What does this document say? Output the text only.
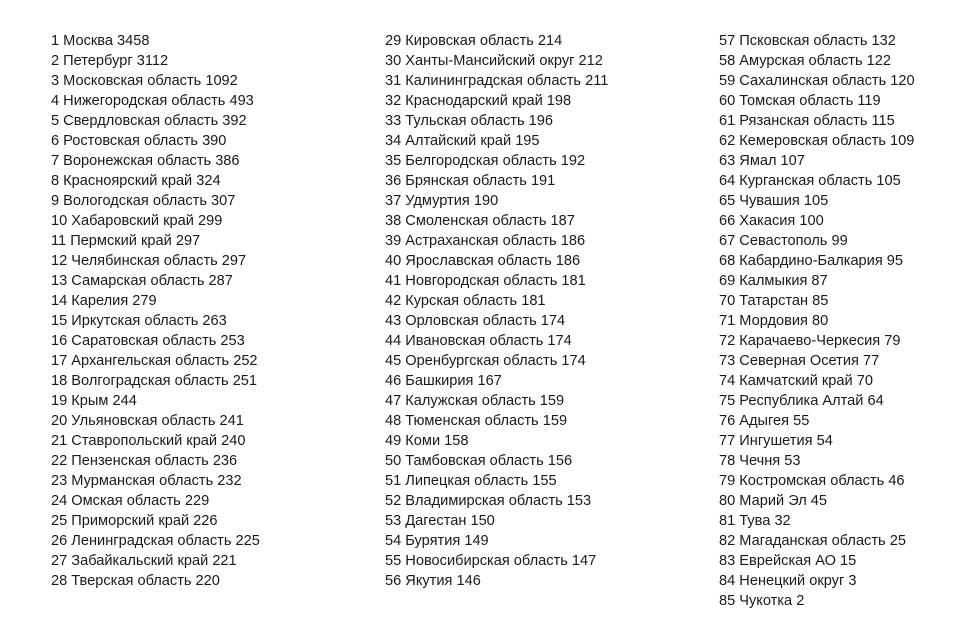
1 Москва 3458
2 Петербург 3112
3 Московская область 1092
4 Нижегородская область 493
5 Свердловская область 392
6 Ростовская область 390
7 Воронежская область 386
8 Красноярский край 324
9 Вологодская область 307
10 Хабаровский край 299
11 Пермский край 297
12 Челябинская область 297
13 Самарская область 287
14 Карелия 279
15 Иркутская область 263
16 Саратовская область 253
17 Архангельская область 252
18 Волгоградская область 251
19 Крым 244
20 Ульяновская область 241
21 Ставропольский край 240
22 Пензенская область 236
23 Мурманская область 232
24 Омская область 229
25 Приморский край 226
26 Ленинградская область 225
27 Забайкальский край 221
28 Тверская область 220
29 Кировская область 214
30 Ханты-Мансийский округ 212
31 Калининградская область 211
32 Краснодарский край 198
33 Тульская область 196
34 Алтайский край 195
35 Белгородская область 192
36 Брянская область 191
37 Удмуртия 190
38 Смоленская область 187
39 Астраханская область 186
40 Ярославская область 186
41 Новгородская область 181
42 Курская область 181
43 Орловская область 174
44 Ивановская область 174
45 Оренбургская область 174
46 Башкирия 167
47 Калужская область 159
48 Тюменская область 159
49 Коми 158
50 Тамбовская область 156
51 Липецкая область 155
52 Владимирская область 153
53 Дагестан 150
54 Бурятия 149
55 Новосибирская область 147
56 Якутия 146
57 Псковская область 132
58 Амурская область 122
59 Сахалинская область 120
60 Томская область 119
61 Рязанская область 115
62 Кемеровская область 109
63 Ямал 107
64 Курганская область 105
65 Чувашия 105
66 Хакасия 100
67 Севастополь 99
68 Кабардино-Балкария 95
69 Калмыкия 87
70 Татарстан 85
71 Мордовия 80
72 Карачаево-Черкесия 79
73 Северная Осетия 77
74 Камчатский край 70
75 Республика Алтай 64
76 Адыгея 55
77 Ингушетия 54
78 Чечня 53
79 Костромская область 46
80 Марий Эл 45
81 Тува 32
82 Магаданская область 25
83 Еврейская АО 15
84 Ненецкий округ 3
85 Чукотка 2
